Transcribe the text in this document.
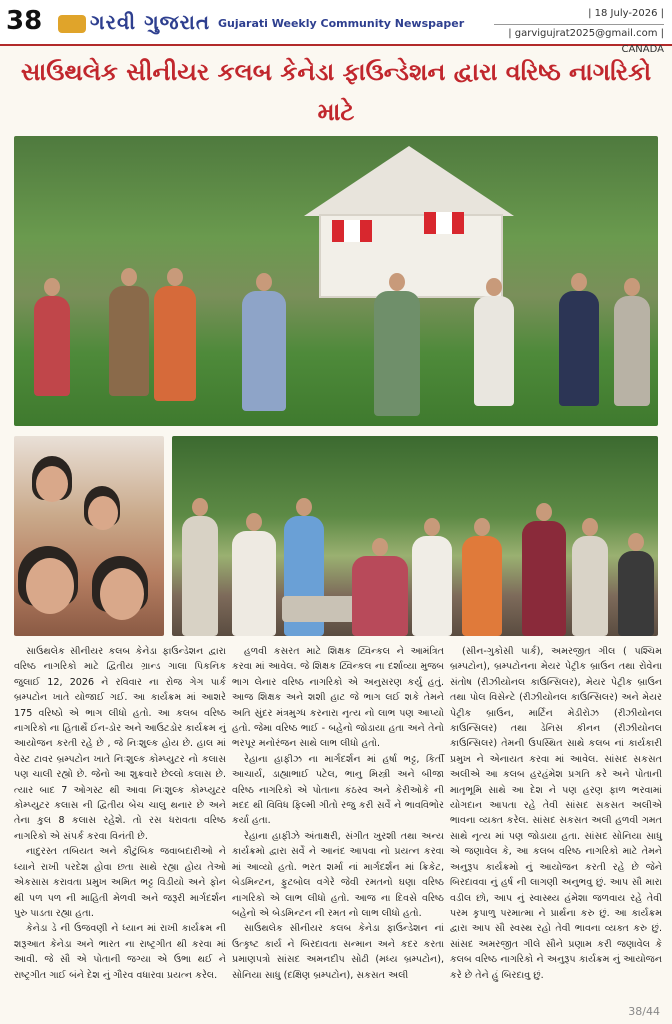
38	ગરવી ગુજરાત Gujarati Weekly Community Newspaper
| 18 July-2026 |
| garvigujrat2025@gmail.com | CANADA
સાઉથલેક સીનીયર કલબ કેનેડા ફાઉન્ડેશન દ્વારા વરિષ્ઠ નાગરિકો માટે

સાઉથલેક સીનીયર કલબ કેનેડા ફાઉન્ડેશન દ્વારા વરિષ્ઠ નાગરિકો માટે દ્વિતીય ગ્રાન્ડ ગાલા પિકનિક જુલાઈ 12, 2026 ને રવિવાર ના રોજ ગેગ પાર્ક બ્રમ્પટોન ખાતે યોજાઈ ગઈ. આ કાર્યક્રમ માં આશરે 175 વરિષ્ઠો એ ભાગ લીધો હતો. આ કલબ વરિષ્ઠ નાગરિકો ના હિતાર્થે ઈન-ડોર અને આઉટડોર કાર્યક્રમ નું આયોજન કરતી રહે છે , જે નિઃશુલ્ક હોય છે. હાલ માં વેસ્ટ ટાવર બ્રમ્પટોન ખાતે નિઃશુલ્ક કોમ્પ્યુટર નો કલાસ પણ ચાલી રહ્યો છે. જેનો આ શુક્રવારે છેલ્લો કલાસ છે. ત્યાર બાદ 7 ઓગસ્ટ થી આવા નિઃશુલ્ક કોમ્પ્યુટર કોમ્પ્યુટર કલાસ ની દ્વિતીય બેચ ચાલુ થનાર છે અને તેના કુલ 8 કલાસ રહેશે. તો રસ ધરાવતા વરિષ્ઠ નાગરિકો એ સંપર્ક કરવા વિનંતી છે.

નાદુરસ્ત તબિયત અને કૌટુંબિક જવાબદારીઓ ને ધ્યાને રાખી પરદેશ હોવા છતા સાથે રહ્યા હોય તેઓ એકસાસ કરાવતા પ્રમુખ અમિત ભટ્ટ વિડીયો અને ફોન થી પળ પળ ની માહિતી મેળવી અને જરૂરી માર્ગદર્શન પુરુ પાડતા રહ્યા હતા.

કેનેડા ડે ની ઉજવણી ને ધ્યાન માં રાખી કાર્યક્રમ ની શરૂઆત કેનેડા અને ભારત ના રાષ્ટ્રગીત થી કરવા માં આવી. જે સૌ એ પોતાની જગ્યા એ ઉભા થઈ ને રાષ્ટ્રગીત ગાઈ બંને દેશ નું ગૌરવ વધારવા પ્રયત્ન કરેલ.

હળવી કસરત માટે શિક્ષક ટ્વિન્કલ ને આમંત્રિત કરવા માં આવેલ. જે શિક્ષક ટ્વિન્કલ ના દર્શાવ્યા મુજબ ભાગ લેનાર વરિષ્ઠ નાગરિકો એ અનુસરણ કર્યુ હતું. આજ શિક્ષક અને શશી હાટ જે ભાગ લઈ શકે તેમને અતિ સુંદર મંત્રમુગ્ધ કરનારા નૃત્ય નો લાભ પણ આપ્યો હતો. જેમા વરિષ્ઠ ભાઈ - બહેનો જોડાયા હતા અને તેનો ભરપૂર મનોરંજન સાથે લાભ લીધો હતો.

રેહાના હાફીઝ ના માર્ગદર્શન માં હર્ષા ભટ્ટ, કિર્તી આચાર્ય, ડાહ્યાભાઈ પટેલ, ભાનુ મિસ્ત્રી અને બીજા વરિષ્ઠ નાગરિકો એ પોતાના કંઠસ્વ અને કેરીઓકે ની મદદ થી વિવિધ ફિલ્મી ગીતો રજુ કરી સર્વે ને ભાવવિભોર કર્યા હતા.

રેહાના હાફીઝે અંતાક્ષરી, સંગીત ખુરશી તથા અન્ય કાર્યક્રમો દ્વારા સર્વે ને આનંદ આપવા નો પ્રયત્ન કરવા માં આવ્યો હતો. ભરત શર્મા નાં માર્ગદર્શન માં ક્રિકેટ, બેડમિન્ટન, ફુટબોલ વગેરે જેવી રમતનો ઘણા વરિષ્ઠ નાગરિકો એ લાભ લીધો હતો. આજ ના દિવસે વરિષ્ઠ બહેનો એ બેડમિન્ટન ની રમત નો લાભ લીધો હતો.

સાઉથલેક સીનીયર કલબ કેનેડા ફાઉન્ડેશન નાં ઉત્કૃષ્ટ કાર્ય ને બિરદાવતા સન્માન અને કદર કરતા પ્રમાણપત્રો સાંસદ અમનદીપ સોઢી (મધ્ય બ્રમ્પટોન), સોનિયા સાધુ (દક્ષિણ બ્રમ્પટોન), સકસત અલી

(સીન-ગુકોસી પાર્ક), અમરજીત ગીલ ( પશ્ચિમ બ્રમ્પટોન), બ્રમ્પટોનના મેયર પેટ્રીક બ્રાઉન તથા રોવેના સંતોષ (રીઝીયોનલ કાઉન્સિલર), મેયર પેટ્રીક બ્રાઉન તથા પોલ વિસેન્ટે (રીઝીયોનલ કાઉન્સિલર) અને મેયર પેટ્રીક બ્રાઉન, માર્ટિન મેડીરોઝ (રીઝીયોનલ કાઉન્સિલર) તથા ડેનિસ કીનન (રીઝીયોનલ કાઉન્સિલર) તેમની ઉપસ્થિત સાથે કલબ નાં કાર્યકારી પ્રમુખ ને એનાયત કરવા માં આવેલ. સાંસદ સકસત અલીએ આ કલબ હરહંમેશ પ્રગતિ કરે અને પોતાની માતૃભૂમિ સાથે આ દેશ ને પણ હરણ ફાળ ભરવામાં યોગદાન આપતા રહે તેવી સાંસદ સકસત અલીએ ભાવના વ્યક્ત કરેલ. સાંસદ સકસત અલી હળવી ગમત સાથે નૃત્ય માં પણ જોડાયા હતા. સાંસદ સોનિયા સાધુ એ જણાવેલ કે, આ કલબ વરિષ્ઠ નાગરિકો માટે તેમને અનુરૂપ કાર્યક્રમો નું આયોજન કરતી રહે છે જેને બિરદાવવા નું હર્ષ ની લાગણી અનુભવુ છું. આપ સૌ મારા વડીલ છો, આપ નું સ્વાસ્થ્ય હંમેશા જળવાય રહે તેવી પરમ કૃપાળુ પરમાત્મા ને પ્રાર્થના કરુ છું. આ કાર્યક્રમ દ્વારા આપ સૌ સ્વસ્થ રહો તેવી ભાવના વ્યક્ત કરુ છું. સાંસદ અમરજીત ગીલે સૌને પ્રણામ કરી જણાવેલ કે કલબ વરિષ્ઠ નાગરિકો ને અનુરૂપ કાર્યક્રમ નું આયોજન કરે છે તેને હું બિરદાવુ છું.

38/44
